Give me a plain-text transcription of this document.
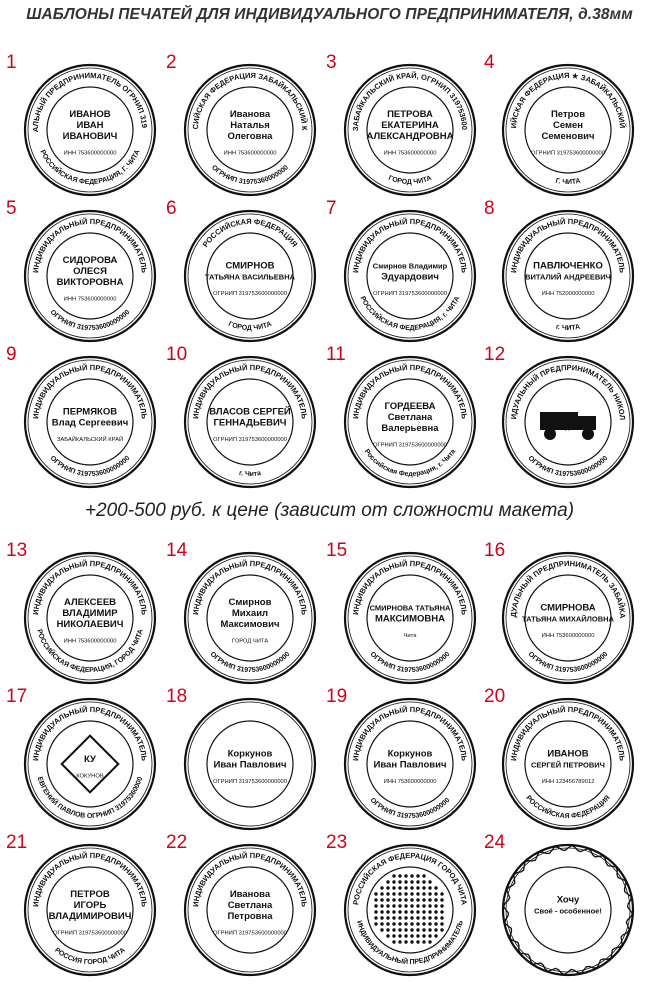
ШАБЛОНЫ ПЕЧАТЕЙ ДЛЯ ИНДИВИДУАЛЬНОГО ПРЕДПРИНИМАТЕЛЯ, д.38мм
+200-500 руб. к цене (зависит от сложности макета)
1
АЛЬНЫЙ ПРЕДПРИНИМАТЕЛЬ ОГРНИП 319
РОССИЙСКАЯ ФЕДЕРАЦИЯ, Г. ЧИТА
ИВАНОВ
ИВАН
ИВАНОВИЧ
ИНН 753600000000
2
СИЙСКАЯ ФЕДЕРАЦИЯ ЗАБАЙКАЛЬСКИЙ К
ОГРНИП 31975360000000
Иванова
Наталья
Олеговна
ИНН 753600000000
3
ЗАБАЙКАЛЬСКИЙ КРАЙ, ОГРНИП 319753600
ГОРОД ЧИТА
ПЕТРОВА
ЕКАТЕРИНА
АЛЕКСАНДРОВНА
ИНН 753600000000
4
ИЙСКАЯ ФЕДЕРАЦИЯ ★ ЗАБАЙКАЛЬСКИЙ
Г. ЧИТА
Петров
Семен
Семенович
ОГРНИП 319753600000000
5
ИНДИВИДУАЛЬНЫЙ ПРЕДПРИНИМАТЕЛЬ
ОГРНИП 319753600000000
СИДОРОВА
ОЛЕСЯ
ВИКТОРОВНА
ИНН 753600000000
6
РОССИЙСКАЯ ФЕДЕРАЦИЯ
ГОРОД ЧИТА
СМИРНОВ
ТАТЬЯНА ВАСИЛЬЕВНА
ОГРНИП 319753600000000
7
ИНДИВИДУАЛЬНЫЙ ПРЕДПРИНИМАТЕЛЬ
РОССИЙСКАЯ ФЕДЕРАЦИЯ, г. ЧИТА
Смирнов Владимир
Эдуардович
ОГРНИП 319753600000000
8
ИНДИВИДУАЛЬНЫЙ ПРЕДПРИНИМАТЕЛЬ
г. ЧИТА
ПАВЛЮЧЕНКО
ВИТАЛИЙ АНДРЕЕВИЧ
ИНН 752000000000
9
ИНДИВИДУАЛЬНЫЙ ПРЕДПРИНИМАТЕЛЬ
ОГРНИП 319753600000000
ПЕРМЯКОВ
Влад Сергеевич
ЗАБАЙКАЛЬСКИЙ КРАЙ
10
ИНДИВИДУАЛЬНЫЙ ПРЕДПРИНИМАТЕЛЬ
г. Чита
ВЛАСОВ СЕРГЕЙ
ГЕННАДЬЕВИЧ
ОГРНИП 319753600000000
11
ИНДИВИДУАЛЬНЫЙ ПРЕДПРИНИМАТЕЛЬ
Российская Федерация, г. Чита
ГОРДЕЕВА
Светлана
Валерьевна
ОГРНИП 319753600000000
12
ИДУАЛЬНЫЙ ПРЕДПРИНИМАТЕЛЬ НИКОЛ
ОГРНИП 319753600000000
ГОРОД ЧИТА
13
ИНДИВИДУАЛЬНЫЙ ПРЕДПРИНИМАТЕЛЬ
РОССИЙСКАЯ ФЕДЕРАЦИЯ, ГОРОД ЧИТА
АЛЕКСЕЕВ
ВЛАДИМИР
НИКОЛАЕВИЧ
ИНН 753600000000
14
ИНДИВИДУАЛЬНЫЙ ПРЕДПРИНИМАТЕЛЬ
ОГРНИП 319753600000000
Смирнов
Михаил
Максимович
ГОРОД ЧИТА
15
ИНДИВИДУАЛЬНЫЙ ПРЕДПРИНИМАТЕЛЬ
ОГРНИП 319753600000000
СМИРНОВА ТАТЬЯНА
МАКСИМОВНА
Чита
16
ДУАЛЬНЫЙ ПРЕДПРИНИМАТЕЛЬ ЗАБАЙКА
ОГРНИП 319753600000000
СМИРНОВА
ТАТЬЯНА МИХАЙЛОВНА
ИНН 753600000000
17
ИНДИВИДУАЛЬНЫЙ ПРЕДПРИНИМАТЕЛЬ
ЕВГЕНИЙ ПАВЛОВ ОГРНИП 31975360000
КУ
КОКУНОВ
18
Коркунов
Иван Павлович
ОГРНИП 319753600000000
19
ИНДИВИДУАЛЬНЫЙ ПРЕДПРИНИМАТЕЛЬ
ОГРНИП 319753600000000
Коркунов
Иван Павлович
ИНН 753600000000
20
ИНДИВИДУАЛЬНЫЙ ПРЕДПРИНИМАТЕЛЬ
РОССИЙСКАЯ ФЕДЕРАЦИЯ
ИВАНОВ
СЕРГЕЙ ПЕТРОВИЧ
ИНН 123456789012
21
ИНДИВИДУАЛЬНЫЙ ПРЕДПРИНИМАТЕЛЬ
РОССИЯ ГОРОД ЧИТА
ПЕТРОВ
ИГОРЬ
ВЛАДИМИРОВИЧ
ОГРНИП 319753600000000
22
ИНДИВИДУАЛЬНЫЙ ПРЕДПРИНИМАТЕЛЬ
Иванова
Светлана
Петровна
ОГРНИП 319753600000000
23
РОССИЙСКАЯ ФЕДЕРАЦИЯ ГОРОД ЧИТА
ИНДИВИДУАЛЬНЫЙ ПРЕДПРИНИМАТЕЛЬ
24
Хочу
Своё - особенное!
